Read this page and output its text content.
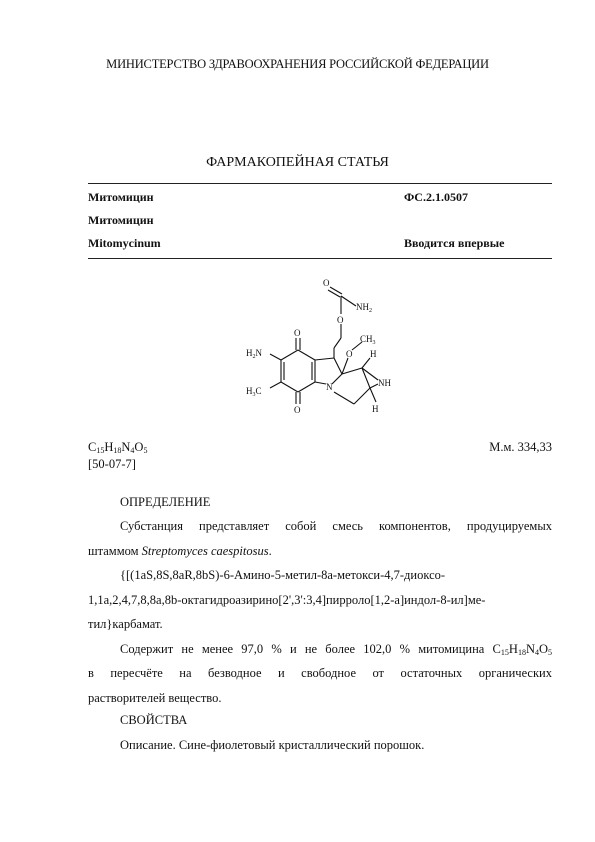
МИНИСТЕРСТВО ЗДРАВООХРАНЕНИЯ РОССИЙСКОЙ ФЕДЕРАЦИИ
ФАРМАКОПЕЙНАЯ СТАТЬЯ
Митомицин	ФС.2.1.0507
Митомицин
Mitomycinum	Вводится впервые
$NH_2$
O
O
O
$CH_3$
$H_2N$
$H_3C$
O
O
N	NH
H
H
$C_{15}H_{18}N_4O_5$	М.м. 334,33
[50-07-7]
ОПРЕДЕЛЕНИЕ

Субстанция представляет собой смесь компонентов, продуцируемых

штаммом Streptomyces caespitosus.

{[(1aS,8S,8aR,8bS)-6-Амино-5-метил-8а-метокси-4,7-диоксо-

1,1a,2,4,7,8,8a,8b-октагидроазирино[2',3':3,4]пирроло[1,2-a]индол-8-ил]ме-

тил}карбамат.

Содержит не менее 97,0 % и не более 102,0 % митомицина $C_{15}H_{18}N_4O_5$

в пересчёте на безводное и свободное от остаточных органических

растворителей вещество.

СВОЙСТВА

Описание. Сине-фиолетовый кристаллический порошок.
